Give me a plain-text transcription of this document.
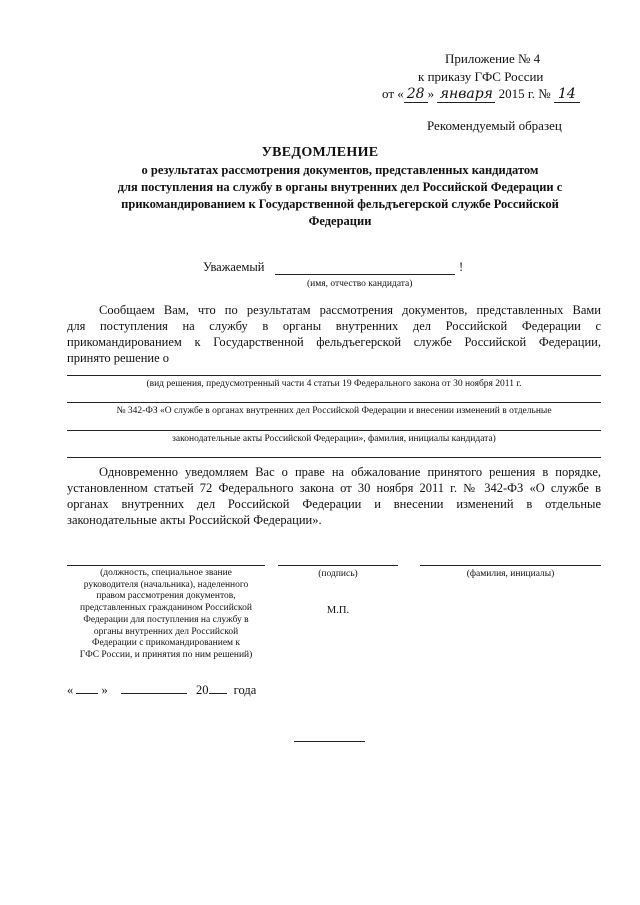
Приложение № 4
к приказу ГФС России
от « 28 » января 2015 г. № 14
Рекомендуемый образец
УВЕДОМЛЕНИЕ
о результатах рассмотрения документов, представленных кандидатом
для поступления на службу в органы внутренних дел Российской Федерации с
прикомандированием к Государственной фельдъегерской службе Российской
Федерации
Уважаемый	!
(имя, отчество кандидата)
Сообщаем Вам, что по результатам рассмотрения документов, представленных Вами
для поступления на службу в органы внутренних дел Российской Федерации с
прикомандированием к Государственной фельдъегерской службе Российской Федерации,
принято решение о
(вид решения, предусмотренный части 4 статьи 19 Федерального закона от 30 ноября 2011 г.
№ 342-ФЗ «О службе в органах внутренних дел Российской Федерации и внесении изменений в отдельные
законодательные акты Российской Федерации», фамилия, инициалы кандидата)
Одновременно уведомляем Вас о праве на обжалование принятого решения в порядке,
установленном статьей 72 Федерального закона от 30 ноября 2011 г. № 342-ФЗ «О службе в
органах внутренних дел Российской Федерации и внесении изменений в отдельные
законодательные акты Российской Федерации».
(должность, специальное звание
руководителя (начальника), наделенного
правом рассмотрения документов,
представленных гражданином Российской
Федерации для поступления на службу в
органы внутренних дел Российской
Федерации с прикомандированием к
ГФС России, и принятия по ним решений)
(подпись)
М.П.
(фамилия, инициалы)
« »	20 года
